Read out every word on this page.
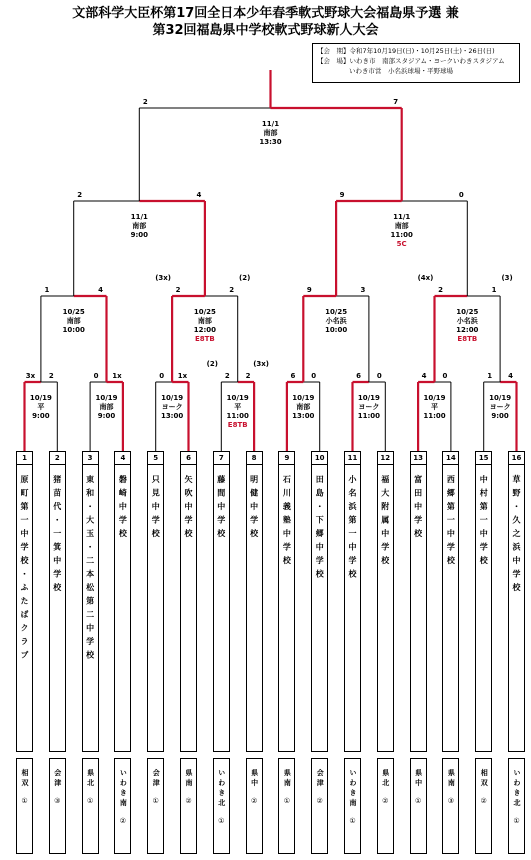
文部科学大臣杯第17回全日本少年春季軟式野球大会福島県予選 兼
第32回福島県中学校軟式野球新人大会
【会　期】令和7年10月19日(日)・10月25日(土)・26日(日)
【会　場】いわき市　南部スタジアム・ヨークいわきスタジアム
いわき市営　小名浜球場・平野球場
3x 2
10/19
平
9:00
0 1x
10/19
南部
9:00
0 1x
10/19
ヨーク
13:00
2 2
(2)	(3x)
10/19
平
11:00
E8TB
6 0
10/19
南部
13:00
6 0
10/19
ヨーク
11:00
4 0
10/19
平
11:00
1 4
10/19
ヨーク
9:00
1	4
10/25
南部
10:00
2	2
(3x)	(2)
10/25
南部
12:00
E8TB
9	3
10/25
小名浜
10:00
2	1
(4x)	(3)
10/25
小名浜
12:00
E8TB
2	4
11/1
南部
9:00
9	0
11/1
南部
11:00
5C
2	7
11/1
南部
13:30
1
原町第一中学校・ふたばクラブ
相双
①
2
猪苗代・一箕中学校
会津
③
3
東和・大玉・二本松第二中学校
県北
①
4
磐崎中学校
いわき南
②
5
只見中学校
会津
①
6
矢吹中学校
県南
②
7
藤間中学校
いわき北
①
8
明健中学校
県中
②
9
石川義塾中学校
県南
①
10
田島・下郷中学校
会津
②
11
小名浜第一中学校
いわき南
①
12
福大附属中学校
県北
②
13
富田中学校
県中
①
14
西郷第一中学校
県南
③
15
中村第一中学校
相双
②
16
草野・久之浜中学校
いわき北
①
